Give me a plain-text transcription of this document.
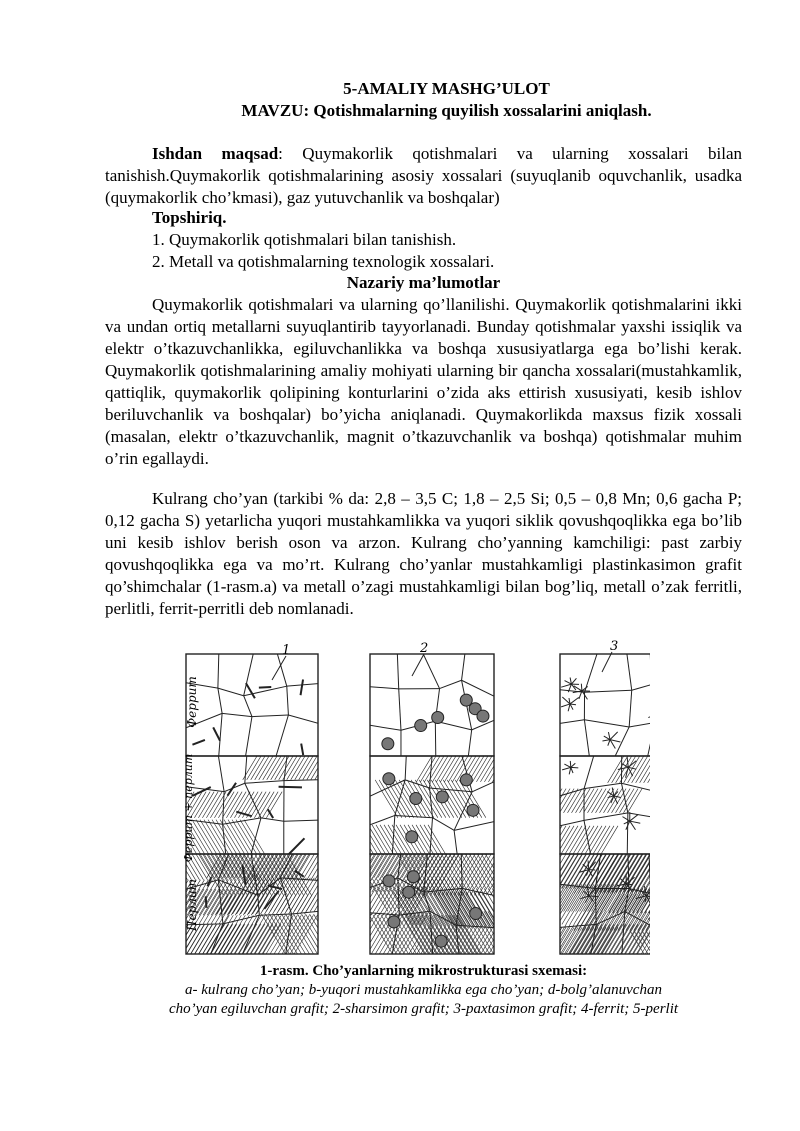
5-AMALIY MASHG’ULOT
MAVZU: Qotishmalarning quyilish xossalarini aniqlash.

Ishdan maqsad: Quymakorlik qotishmalari va ularning xossalari bilan tanishish.Quymakorlik qotishmalarining asosiy xossalari (suyuqlanib oquvchanlik, usadka (quymakorlik cho’kmasi), gaz yutuvchanlik va boshqalar)

Topshiriq.
1. Quymakorlik qotishmalari bilan tanishish.
2. Metall va qotishmalarning texnologik xossalari.
Nazariy ma’lumotlar

Quymakorlik qotishmalari va ularning qo’llanilishi. Quymakorlik qotishmalarini ikki va undan ortiq metallarni suyuqlantirib tayyorlanadi. Bunday qotishmalar yaxshi issiqlik va elektr o’tkazuvchanlikka, egiluvchanlikka va boshqa xususiyatlarga ega bo’lishi kerak. Quymakorlik qotishmalarining amaliy mohiyati ularning bir qancha xossalari(mustahkamlik, qattiqlik, quymakorlik qolipining konturlarini o’zida aks ettirish xususiyati, kesib ishlov beriluvchanlik va boshqalar) bo’yicha aniqlanadi. Quymakorlikda maxsus fizik xossali (masalan, elektr o’tkazuvchanlik, magnit o’tkazuvchanlik va boshqa) qotishmalar muhim o’rin egallaydi.

Kulrang cho’yan (tarkibi % da: 2,8 – 3,5 C; 1,8 – 2,5 Si; 0,5 – 0,8 Mn; 0,6 gacha P; 0,12 gacha S) yetarlicha yuqori mustahkamlikka va yuqori siklik qovushqoqlikka ega bo’lib uni kesib ishlov berish oson va arzon. Kulrang cho’yanning kamchiligi: past zarbiy qovushqoqlikka ega va mo’rt. Kulrang cho’yanlar mustahkamligi plastinkasimon grafit qo’shimchalar (1-rasm.a) va metall o’zagi mustahkamligi bilan bog’liq, metall o’zak ferritli, perlitli, ferrit-perritli deb nomlanadi.

Феррит
Феррит + перлит
Перлит
1	2	3
1-rasm. Cho’yanlarning mikrostrukturasi sxemasi:
a- kulrang cho’yan; b-yuqori mustahkamlikka ega cho’yan; d-bolg’alanuvchan
cho’yan egiluvchan grafit; 2-sharsimon grafit; 3-paxtasimon grafit; 4-ferrit; 5-perlit
